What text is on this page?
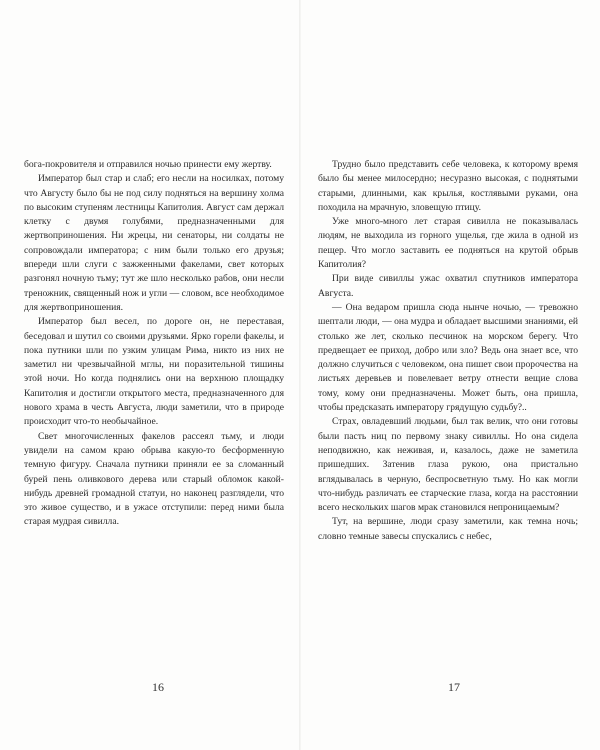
бога-покровителя и отправился ночью принести ему жертву.

Император был стар и слаб; его несли на носилках, потому что Августу было бы не под силу подняться на вершину холма по высоким ступеням лестницы Капитолия. Август сам держал клетку с двумя голубями, предназначенными для жертвоприношения. Ни жрецы, ни сенаторы, ни солдаты не сопровождали императора; с ним были только его друзья; впереди шли слуги с зажженными факелами, свет которых разгонял ночную тьму; тут же шло несколько рабов, они несли треножник, священный нож и угли — словом, все необходимое для жертвоприношения.

Император был весел, по дороге он, не переставая, беседовал и шутил со своими друзьями. Ярко горели факелы, и пока путники шли по узким улицам Рима, никто из них не заметил ни чрезвычайной мглы, ни поразительной тишины этой ночи. Но когда поднялись они на верхнюю площадку Капитолия и достигли открытого места, предназначенного для нового храма в честь Августа, люди заметили, что в природе происходит что-то необычайное.

Свет многочисленных факелов рассеял тьму, и люди увидели на самом краю обрыва какую-то бесформенную темную фигуру. Сначала путники приняли ее за сломанный бурей пень оливкового дерева или старый обломок какой-нибудь древней громадной статуи, но наконец разглядели, что это живое существо, и в ужасе отступили: перед ними была старая мудрая сивилла.

16

Трудно было представить себе человека, к которому время было бы менее милосердно; несуразно высокая, с поднятыми старыми, длинными, как крылья, костлявыми руками, она походила на мрачную, зловещую птицу.

Уже много-много лет старая сивилла не показывалась людям, не выходила из горного ущелья, где жила в одной из пещер. Что могло заставить ее подняться на крутой обрыв Капитолия?

При виде сивиллы ужас охватил спутников императора Августа.

— Она ведаром пришла сюда нынче ночью, — тревожно шептали люди, — она мудра и обладает высшими знаниями, ей столько же лет, сколько песчинок на морском берегу. Что предвещает ее приход, добро или зло? Ведь она знает все, что должно случиться с человеком, она пишет свои пророчества на листьях деревьев и повелевает ветру отнести вещие слова тому, кому они предназначены. Может быть, она пришла, чтобы предсказать императору грядущую судьбу?..

Страх, овладевший людьми, был так велик, что они готовы были пасть ниц по первому знаку сивиллы. Но она сидела неподвижно, как неживая, и, казалось, даже не заметила пришедших. Затенив глаза рукою, она пристально вглядывалась в черную, беспросветную тьму. Но как могли что-нибудь различать ее старческие глаза, когда на расстоянии всего нескольких шагов мрак становился непроницаемым?

Тут, на вершине, люди сразу заметили, как темна ночь; словно темные завесы спускались с небес,

17
